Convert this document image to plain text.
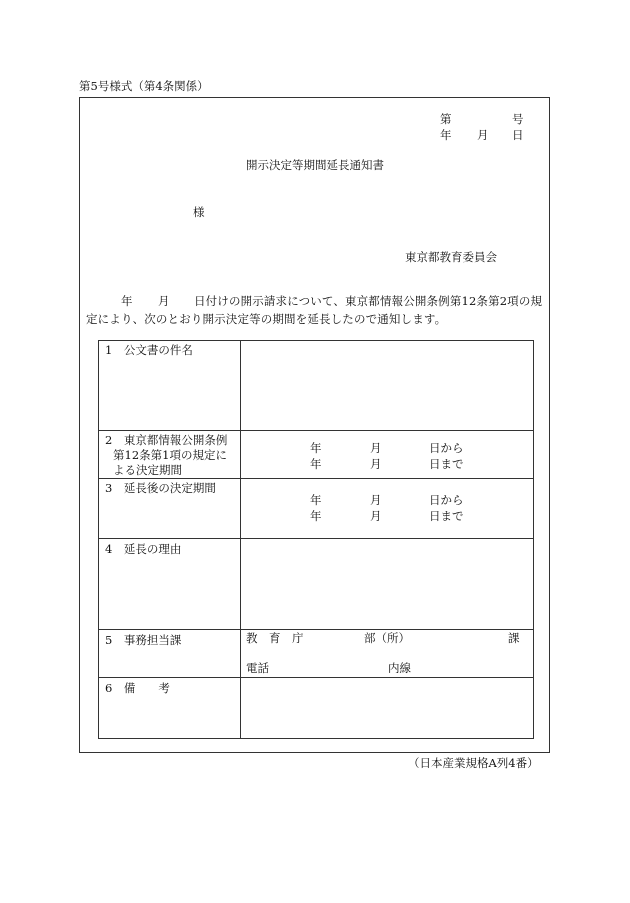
第5号様式（第4条関係）
第	号
年 月 日
開示決定等期間延長通知書
様
東京都教育委員会
年 月 日付けの開示請求について、東京都情報公開条例第12条第2項の規
定により、次のとおり開示決定等の期間を延長したので通知します。
1　公文書の件名
2　東京都情報公開条例
第12条第1項の規定に
よる決定期間
年	月	日から
年	月	日まで
3　延長後の決定期間
年	月	日から
年	月	日まで
4　延長の理由
5　事務担当課	教　育　庁	部（所）	課
電話	内線
6　備　　考
（日本産業規格A列4番）
